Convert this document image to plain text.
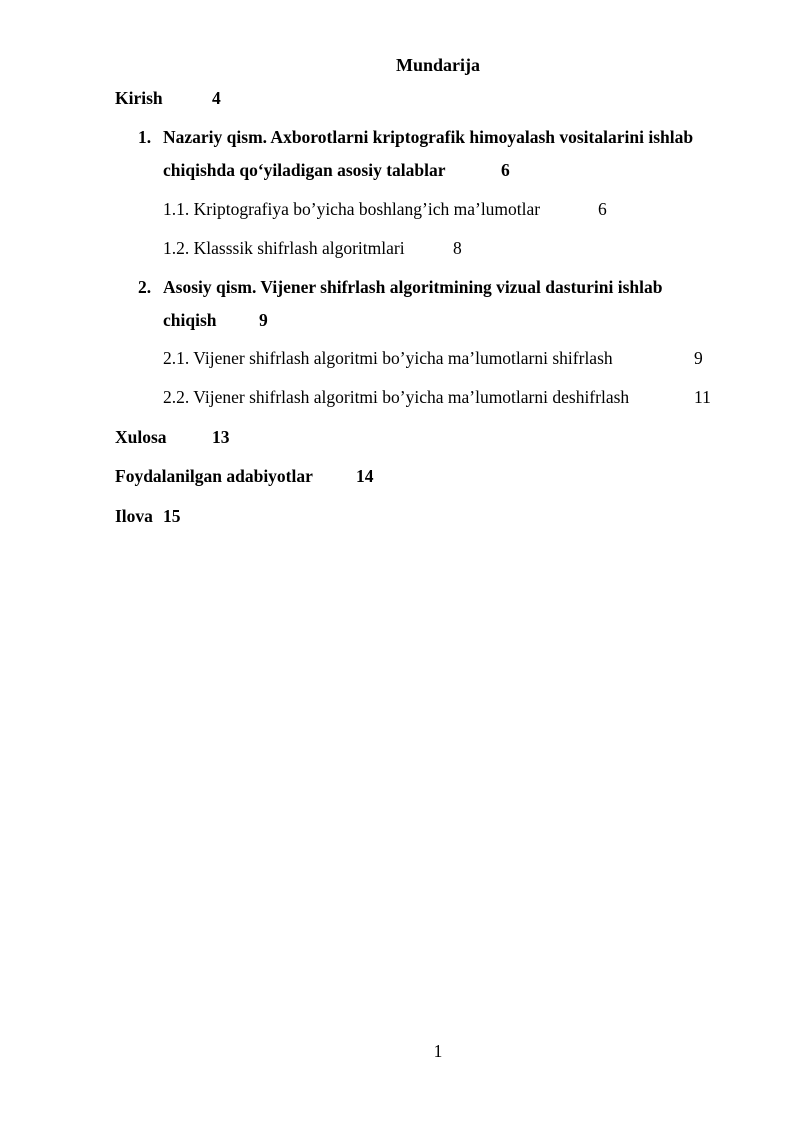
Mundarija
Kirish	4
1. Nazariy qism. Axborotlarni kriptografik himoyalash vositalarini ishlab
chiqishda qo‘yiladigan asosiy talablar	6
1.1. Kriptografiya bo’yicha boshlang’ich ma’lumotlar	6
1.2. Klasssik shifrlash algoritmlari	8
2. Asosiy qism. Vijener shifrlash algoritmining vizual dasturini ishlab
chiqish 9
2.1. Vijener shifrlash algoritmi bo’yicha ma’lumotlarni shifrlash	9
2.2. Vijener shifrlash algoritmi bo’yicha ma’lumotlarni deshifrlash	11
Xulosa	13
Foydalanilgan adabiyotlar 14
Ilova 15
1
